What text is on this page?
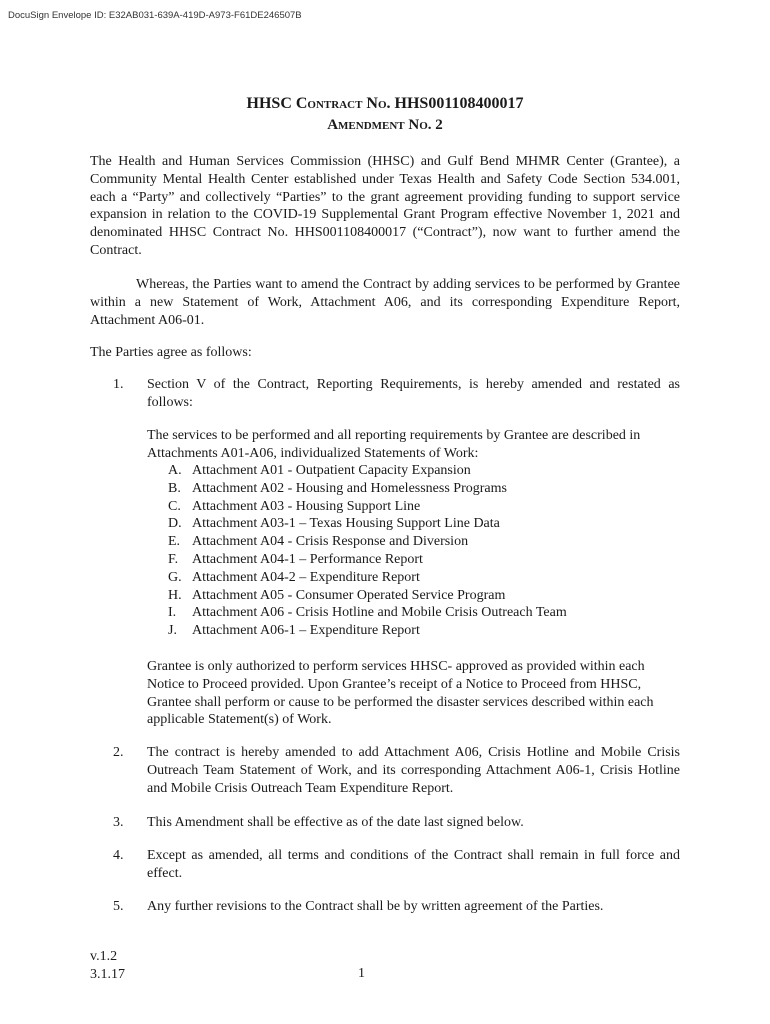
DocuSign Envelope ID: E32AB031-639A-419D-A973-F61DE246507B
HHSC Contract No. HHS001108400017
Amendment No. 2
The Health and Human Services Commission (HHSC) and Gulf Bend MHMR Center (Grantee), a Community Mental Health Center established under Texas Health and Safety Code Section 534.001, each a “Party” and collectively “Parties” to the grant agreement providing funding to support service expansion in relation to the COVID-19 Supplemental Grant Program effective November 1, 2021 and denominated HHSC Contract No. HHS001108400017 (“Contract”), now want to further amend the Contract.
Whereas, the Parties want to amend the Contract by adding services to be performed by Grantee within a new Statement of Work, Attachment A06, and its corresponding Expenditure Report, Attachment A06-01.
The Parties agree as follows:
1. Section V of the Contract, Reporting Requirements, is hereby amended and restated as follows:
The services to be performed and all reporting requirements by Grantee are described in Attachments A01-A06, individualized Statements of Work:
A. Attachment A01 - Outpatient Capacity Expansion
B. Attachment A02 - Housing and Homelessness Programs
C. Attachment A03 - Housing Support Line
D. Attachment A03-1 – Texas Housing Support Line Data
E. Attachment A04 - Crisis Response and Diversion
F. Attachment A04-1 – Performance Report
G. Attachment A04-2 – Expenditure Report
H. Attachment A05 - Consumer Operated Service Program
I.	Attachment A06 - Crisis Hotline and Mobile Crisis Outreach Team
J.	Attachment A06-1 – Expenditure Report
Grantee is only authorized to perform services HHSC- approved as provided within each Notice to Proceed provided. Upon Grantee’s receipt of a Notice to Proceed from HHSC, Grantee shall perform or cause to be performed the disaster services described within each applicable Statement(s) of Work.
2. The contract is hereby amended to add Attachment A06, Crisis Hotline and Mobile Crisis Outreach Team Statement of Work, and its corresponding Attachment A06-1, Crisis Hotline and Mobile Crisis Outreach Team Expenditure Report.
3. This Amendment shall be effective as of the date last signed below.
4. Except as amended, all terms and conditions of the Contract shall remain in full force and effect.
5. Any further revisions to the Contract shall be by written agreement of the Parties.
v.1.2
3.1.17	1
